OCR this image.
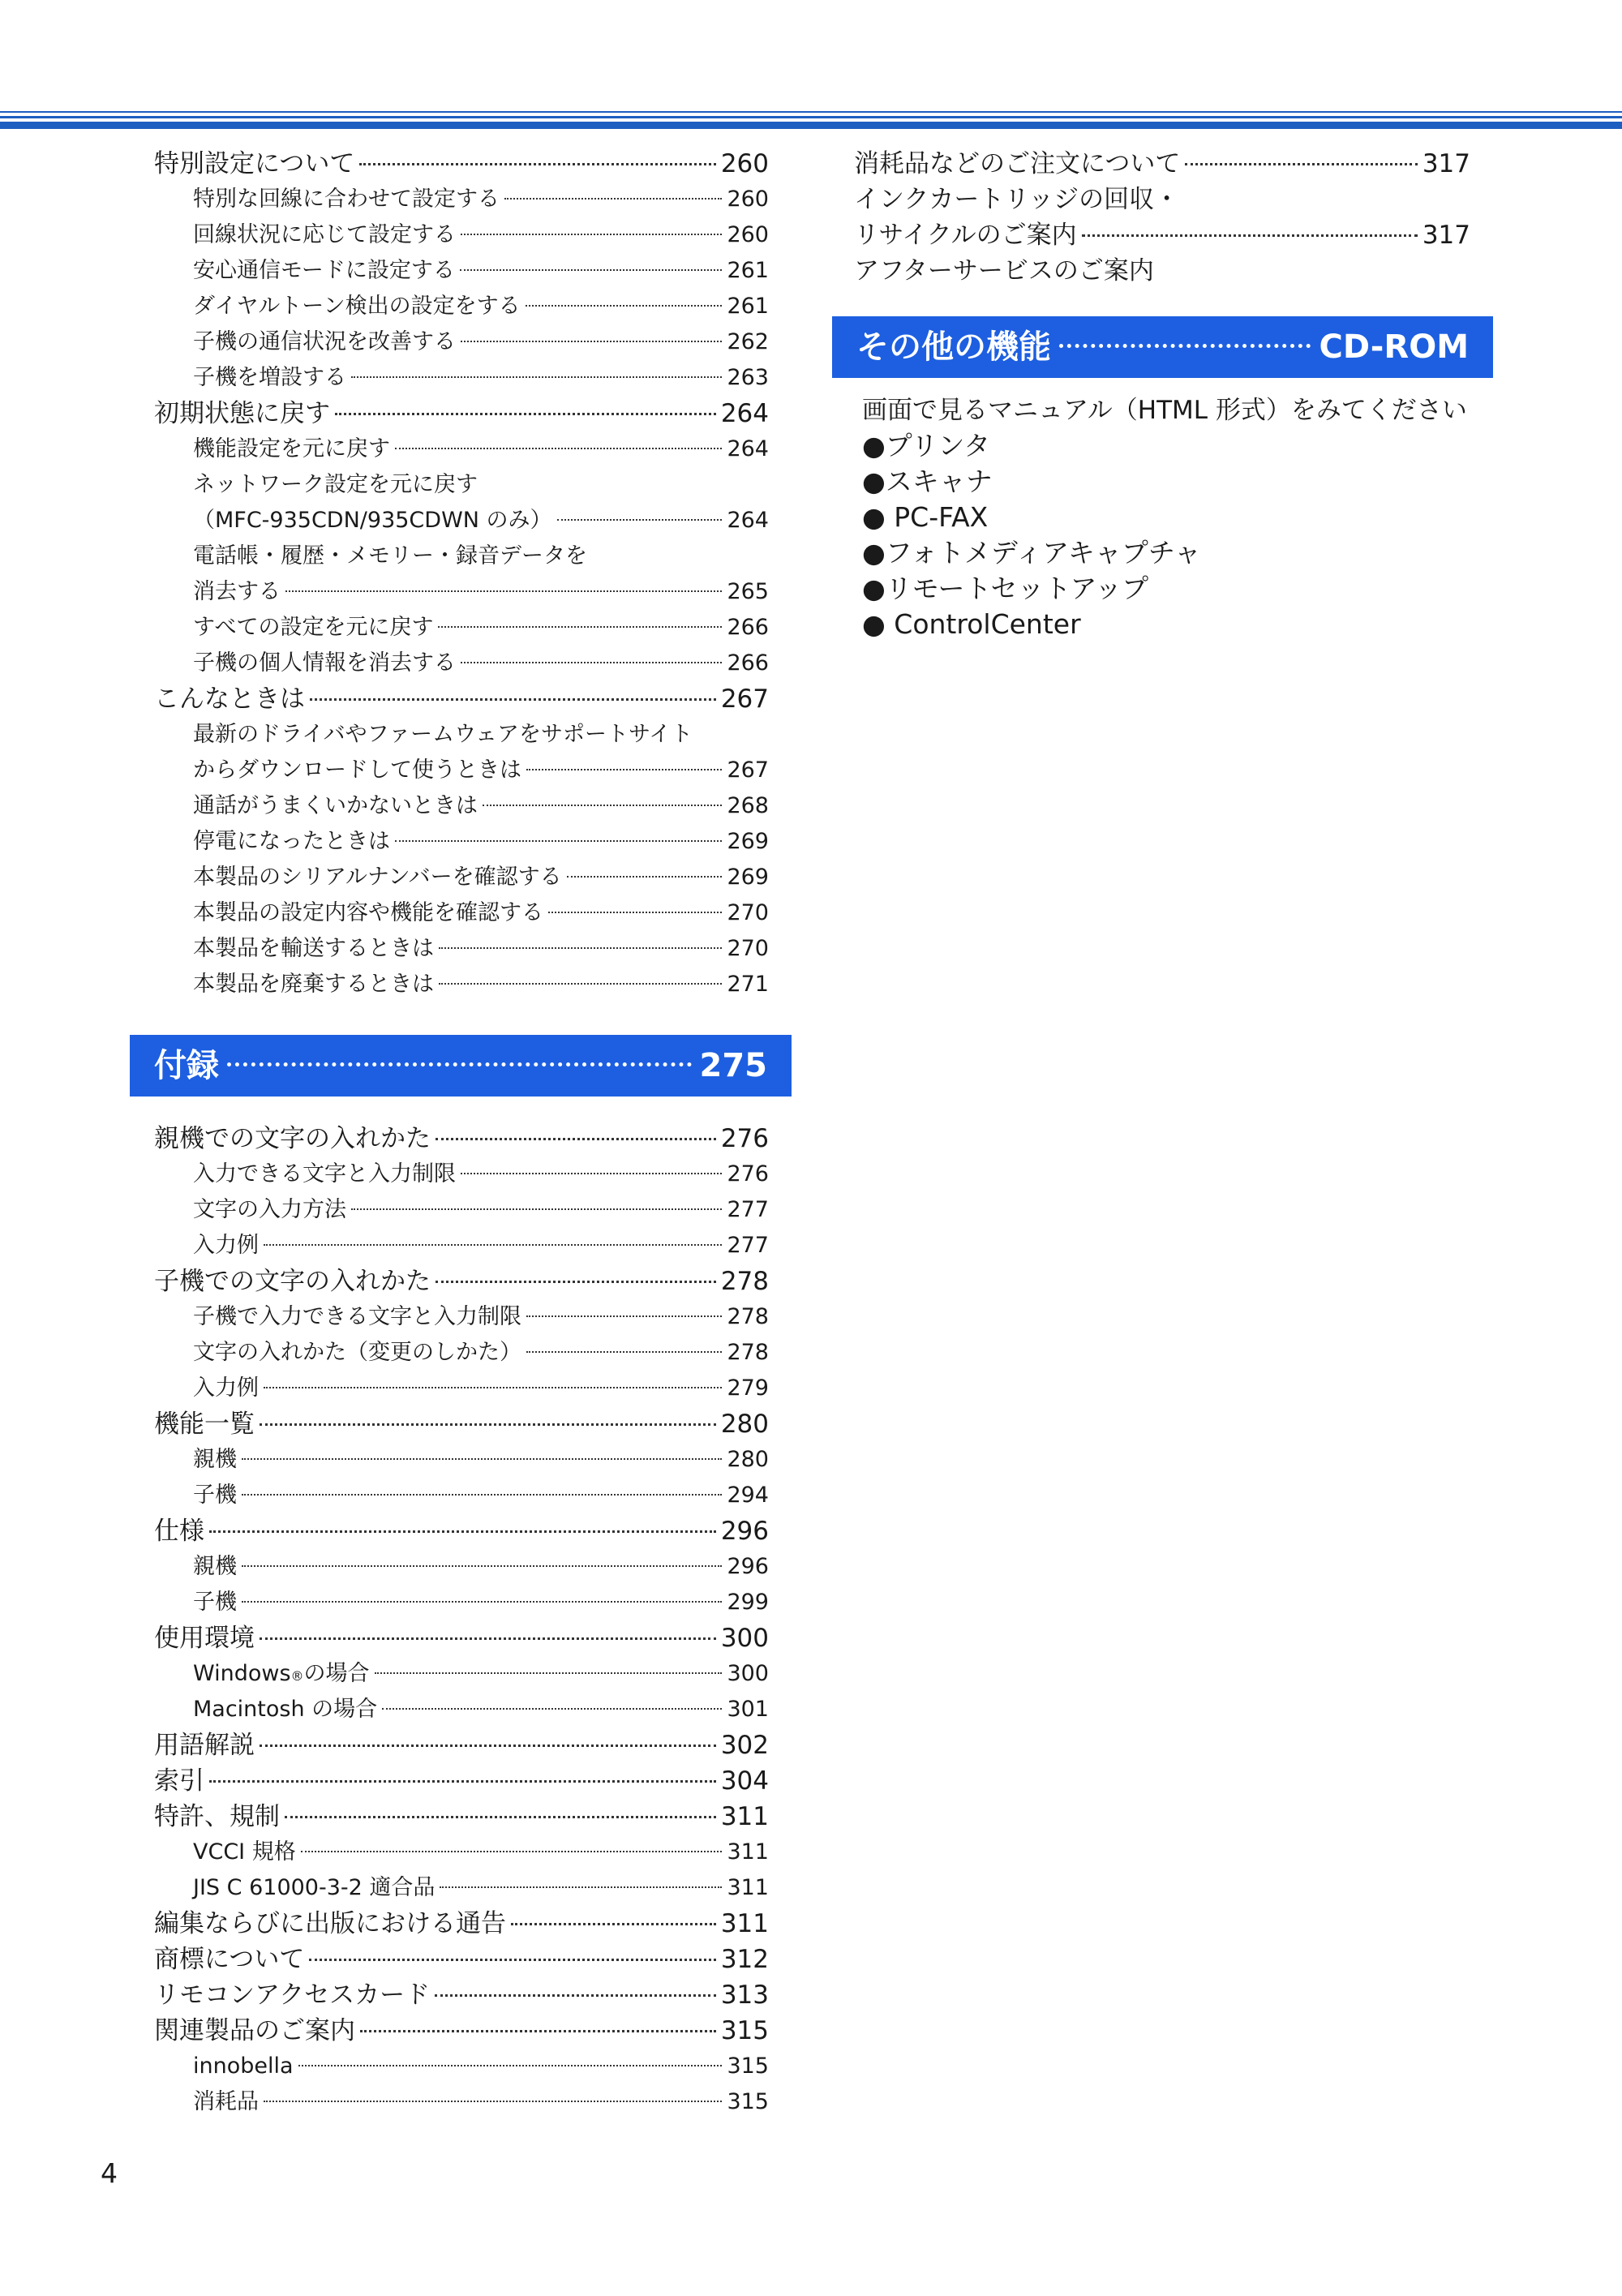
特別設定について	260
特別な回線に合わせて設定する	260
回線状況に応じて設定する	260
安心通信モードに設定する	261
ダイヤルトーン検出の設定をする	261
子機の通信状況を改善する	262
子機を増設する	263
初期状態に戻す	264
機能設定を元に戻す	264
ネットワーク設定を元に戻す
（MFC-935CDN/935CDWN のみ）	264
電話帳・履歴・メモリー・録音データを
消去する	265
すべての設定を元に戻す	266
子機の個人情報を消去する	266
こんなときは	267
最新のドライバやファームウェアをサポートサイト
からダウンロードして使うときは	267
通話がうまくいかないときは	268
停電になったときは	269
本製品のシリアルナンバーを確認する	269
本製品の設定内容や機能を確認する	270
本製品を輸送するときは	270
本製品を廃棄するときは	271
付録	275
親機での文字の入れかた	276
入力できる文字と入力制限	276
文字の入力方法	277
入力例	277
子機での文字の入れかた	278
子機で入力できる文字と入力制限	278
文字の入れかた（変更のしかた）	278
入力例	279
機能一覧	280
親機	280
子機	294
仕様	296
親機	296
子機	299
使用環境	300
Windows ® の場合	300
Macintosh の場合	301
用語解説	302
索引	304
特許、規制	311
VCCI 規格	311
JIS C 61000-3-2 適合品	311
編集ならびに出版における通告	311
商標について	312
リモコンアクセスカード	313
関連製品のご案内	315
innobella	315
消耗品	315
消耗品などのご注文について	317
インクカートリッジの回収・
リサイクルのご案内	317
アフターサービスのご案内
その他の機能	CD-ROM
画面で見るマニュアル（HTML 形式）をみてください
●プリンタ
●スキャナ
● PC-FAX
●フォトメディアキャプチャ
●リモートセットアップ
● ControlCenter
4
